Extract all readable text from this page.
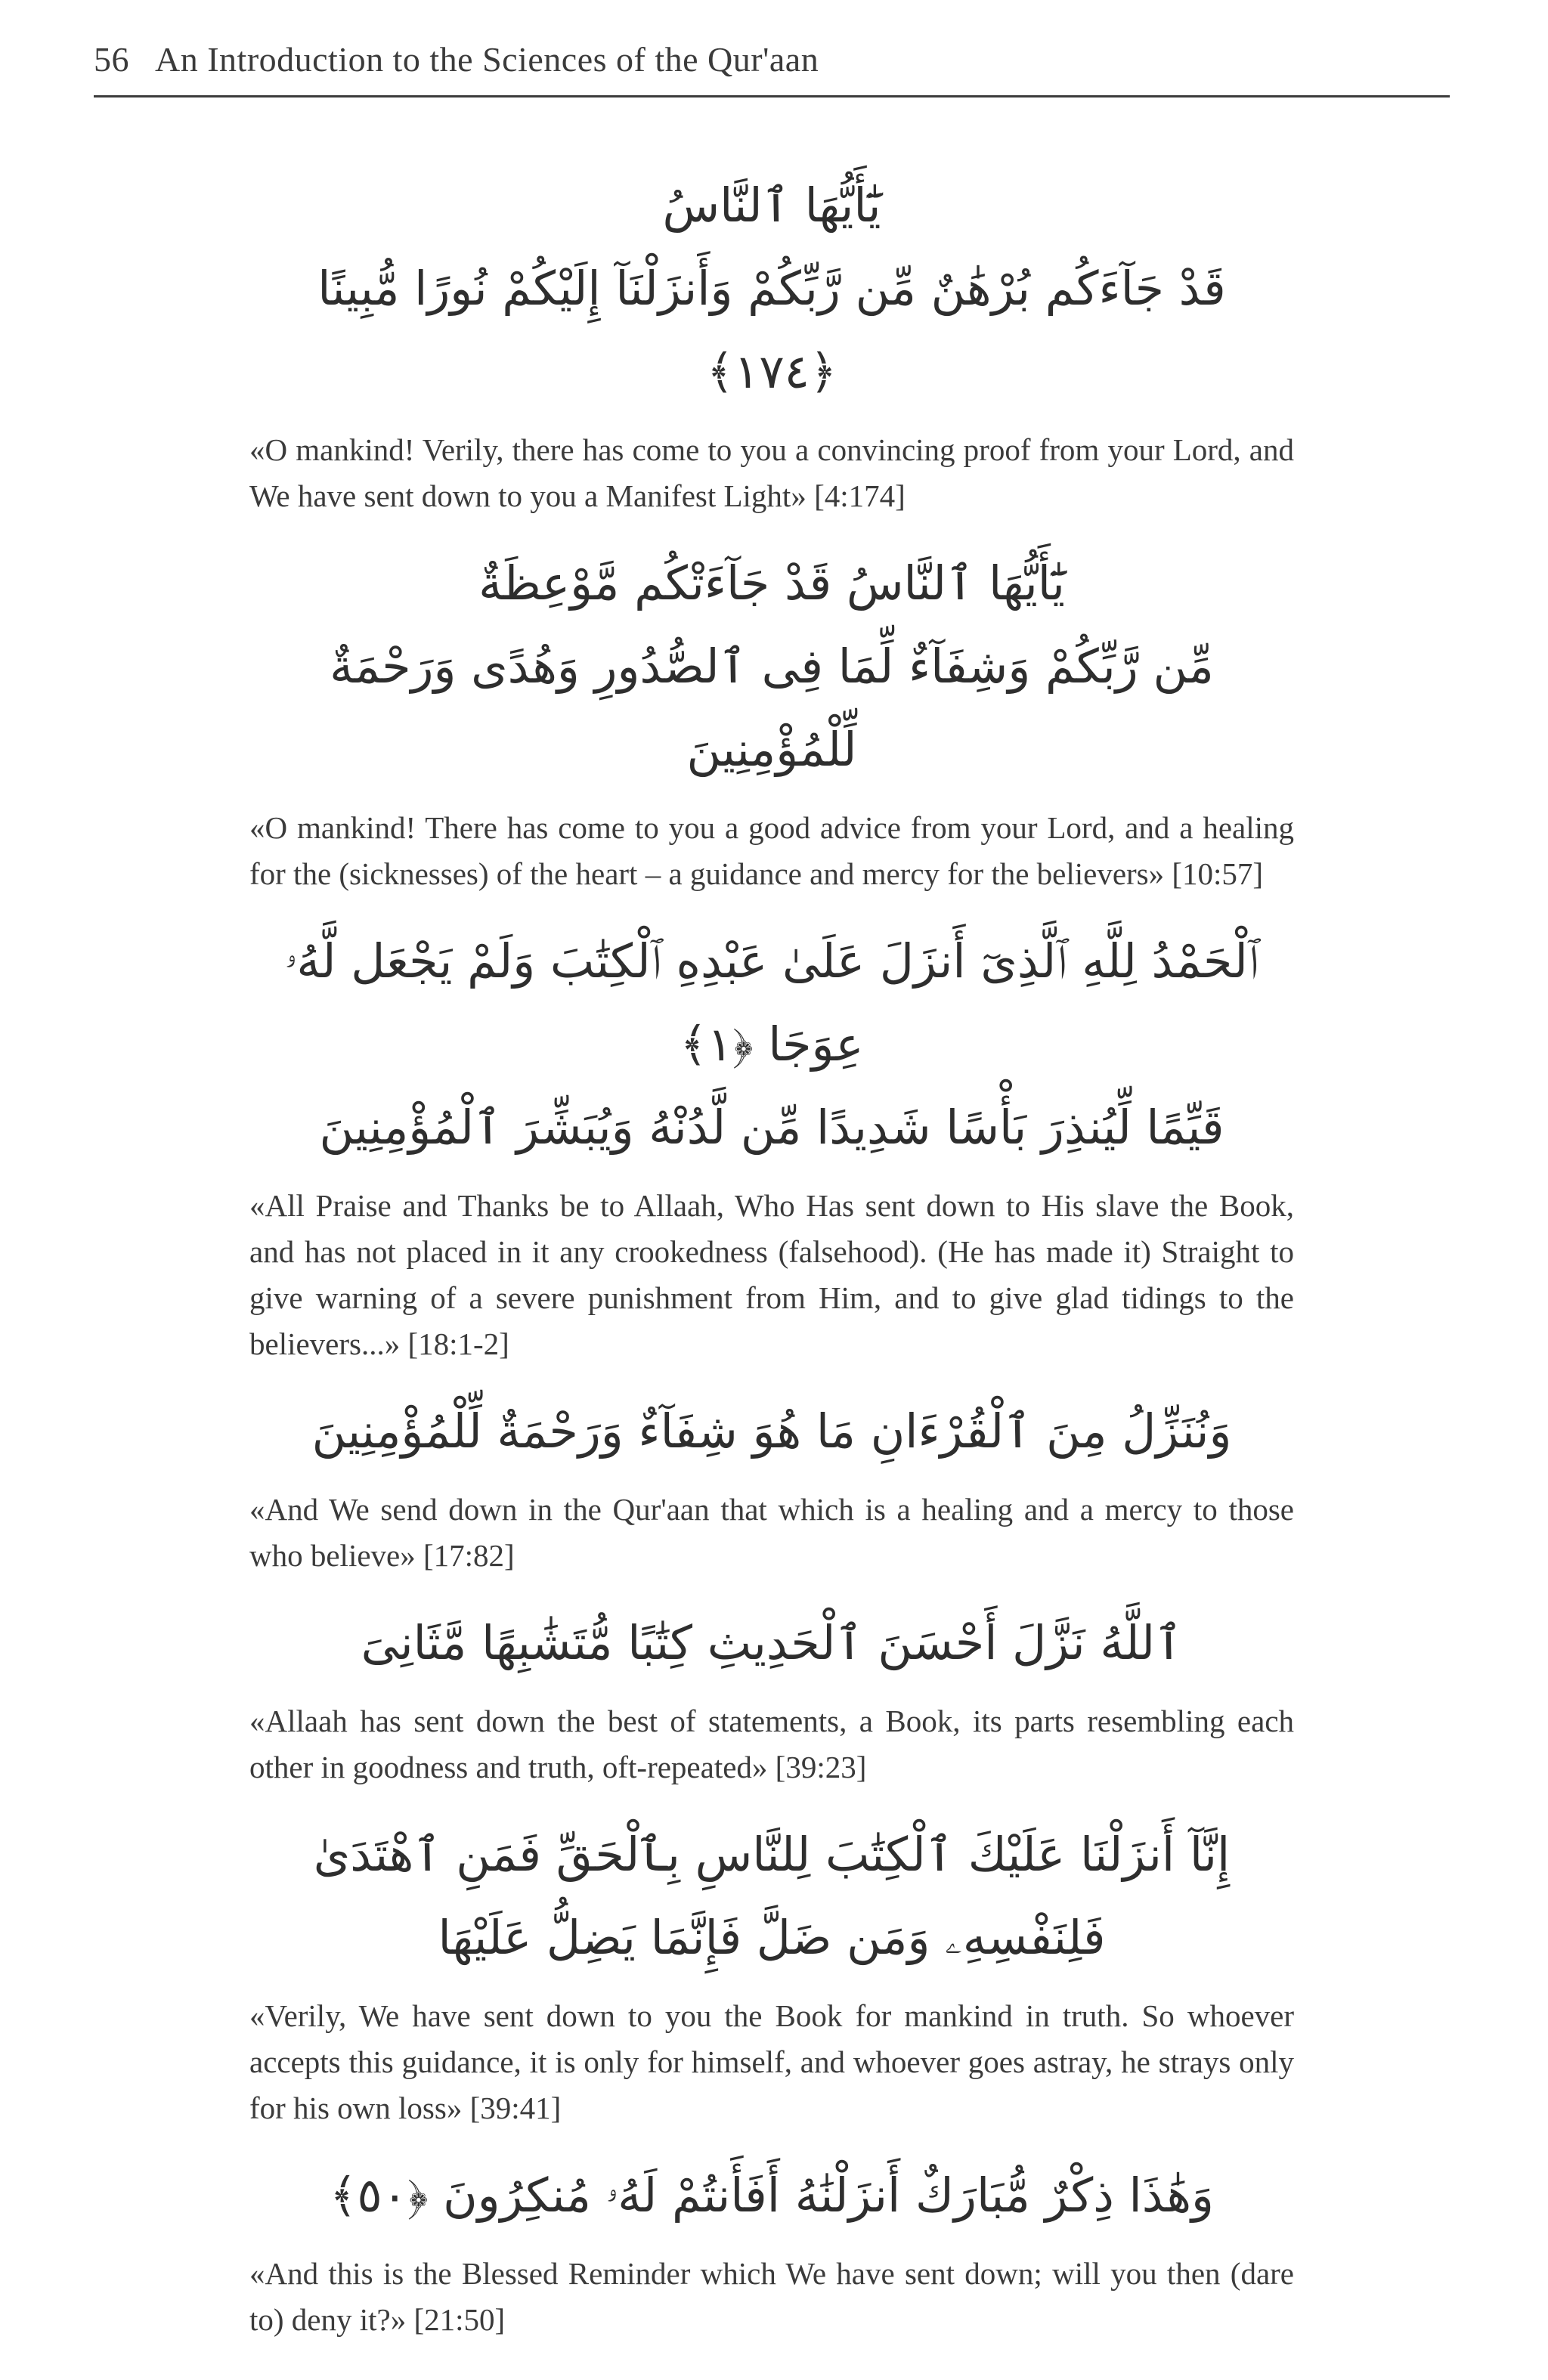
56 An Introduction to the Sciences of the Qur'aan
يَٰٓأَيُّهَا ٱلنَّاسُ
قَدْ جَآءَكُم بُرْهَٰنٌ مِّن رَّبِّكُمْ وَأَنزَلْنَآ إِلَيْكُمْ نُورًا مُّبِينًا ﴿١٧٤﴾
«O mankind! Verily, there has come to you a convincing proof from your Lord, and We have sent down to you a Manifest Light» [4:174]
يَٰٓأَيُّهَا ٱلنَّاسُ قَدْ جَآءَتْكُم مَّوْعِظَةٌ
مِّن رَّبِّكُمْ وَشِفَآءٌ لِّمَا فِى ٱلصُّدُورِ وَهُدًى وَرَحْمَةٌ لِّلْمُؤْمِنِينَ
«O mankind! There has come to you a good advice from your Lord, and a healing for the (sicknesses) of the heart – a guidance and mercy for the believers» [10:57]
ٱلْحَمْدُ لِلَّهِ ٱلَّذِىٓ أَنزَلَ عَلَىٰ عَبْدِهِ ٱلْكِتَٰبَ وَلَمْ يَجْعَل لَّهُۥ عِوَجَا ﴿١﴾
قَيِّمًا لِّيُنذِرَ بَأْسًا شَدِيدًا مِّن لَّدُنْهُ وَيُبَشِّرَ ٱلْمُؤْمِنِينَ
«All Praise and Thanks be to Allaah, Who Has sent down to His slave the Book, and has not placed in it any crookedness (falsehood). (He has made it) Straight to give warning of a severe punishment from Him, and to give glad tidings to the believers...» [18:1-2]
وَنُنَزِّلُ مِنَ ٱلْقُرْءَانِ مَا هُوَ شِفَآءٌ وَرَحْمَةٌ لِّلْمُؤْمِنِينَ
«And We send down in the Qur'aan that which is a healing and a mercy to those who believe» [17:82]
ٱللَّهُ نَزَّلَ أَحْسَنَ ٱلْحَدِيثِ كِتَٰبًا مُّتَشَٰبِهًا مَّثَانِىَ
«Allaah has sent down the best of statements, a Book, its parts resembling each other in goodness and truth, oft-repeated» [39:23]
إِنَّآ أَنزَلْنَا عَلَيْكَ ٱلْكِتَٰبَ لِلنَّاسِ بِٱلْحَقِّ فَمَنِ ٱهْتَدَىٰ
فَلِنَفْسِهِۦ وَمَن ضَلَّ فَإِنَّمَا يَضِلُّ عَلَيْهَا
«Verily, We have sent down to you the Book for mankind in truth. So whoever accepts this guidance, it is only for himself, and whoever goes astray, he strays only for his own loss» [39:41]
وَهَٰذَا ذِكْرٌ مُّبَارَكٌ أَنزَلْنَٰهُ أَفَأَنتُمْ لَهُۥ مُنكِرُونَ ﴿٥٠﴾
«And this is the Blessed Reminder which We have sent down; will you then (dare to) deny it?» [21:50]
